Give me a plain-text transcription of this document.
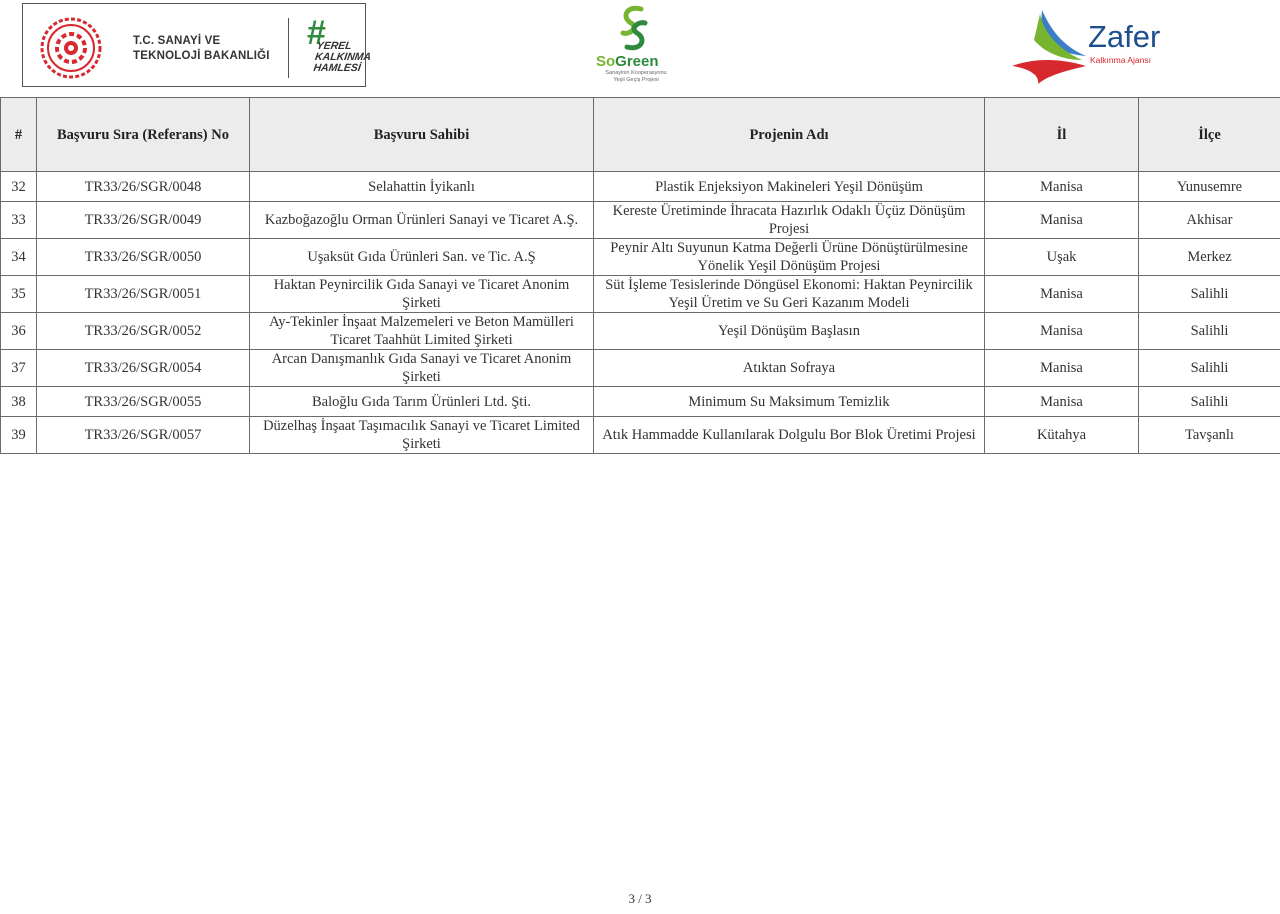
T.C. SANAYİ VE
TEKNOLOJİ BAKANLIĞI
#
YEREL
KALKINMA
HAMLESİ	SoGreen
Sanayinin Kooperasyonu
Yeşil Geçiş Projesi
Zafer
Kalkınma Ajansı
#	Başvuru Sıra (Referans) No	Başvuru Sahibi	Projenin Adı	İl	İlçe
32	TR33/26/SGR/0048	Selahattin İyikanlı	Plastik Enjeksiyon Makineleri Yeşil Dönüşüm	Manisa	Yunusemre
33	TR33/26/SGR/0049	Kazboğazoğlu Orman Ürünleri Sanayi ve Ticaret A.Ş.	Kereste Üretiminde İhracata Hazırlık Odaklı Üçüz Dönüşüm Projesi	Manisa	Akhisar
34	TR33/26/SGR/0050	Uşaksüt Gıda Ürünleri San. ve Tic. A.Ş	Peynir Altı Suyunun Katma Değerli Ürüne Dönüştürülmesine Yönelik Yeşil Dönüşüm Projesi	Uşak	Merkez
35	TR33/26/SGR/0051	Haktan Peynircilik Gıda Sanayi ve Ticaret Anonim Şirketi	Süt İşleme Tesislerinde Döngüsel Ekonomi: Haktan Peynircilik Yeşil Üretim ve Su Geri Kazanım Modeli	Manisa	Salihli
36	TR33/26/SGR/0052	Ay-Tekinler İnşaat Malzemeleri ve Beton Mamülleri Ticaret Taahhüt Limited Şirketi	Yeşil Dönüşüm Başlasın	Manisa	Salihli
37	TR33/26/SGR/0054	Arcan Danışmanlık Gıda Sanayi ve Ticaret Anonim Şirketi	Atıktan Sofraya	Manisa	Salihli
38	TR33/26/SGR/0055	Baloğlu Gıda Tarım Ürünleri Ltd. Şti.	Minimum Su Maksimum Temizlik	Manisa	Salihli
39	TR33/26/SGR/0057	Düzelhaş İnşaat Taşımacılık Sanayi ve Ticaret Limited Şirketi	Atık Hammadde Kullanılarak Dolgulu Bor Blok Üretimi Projesi	Kütahya	Tavşanlı
3 / 3
